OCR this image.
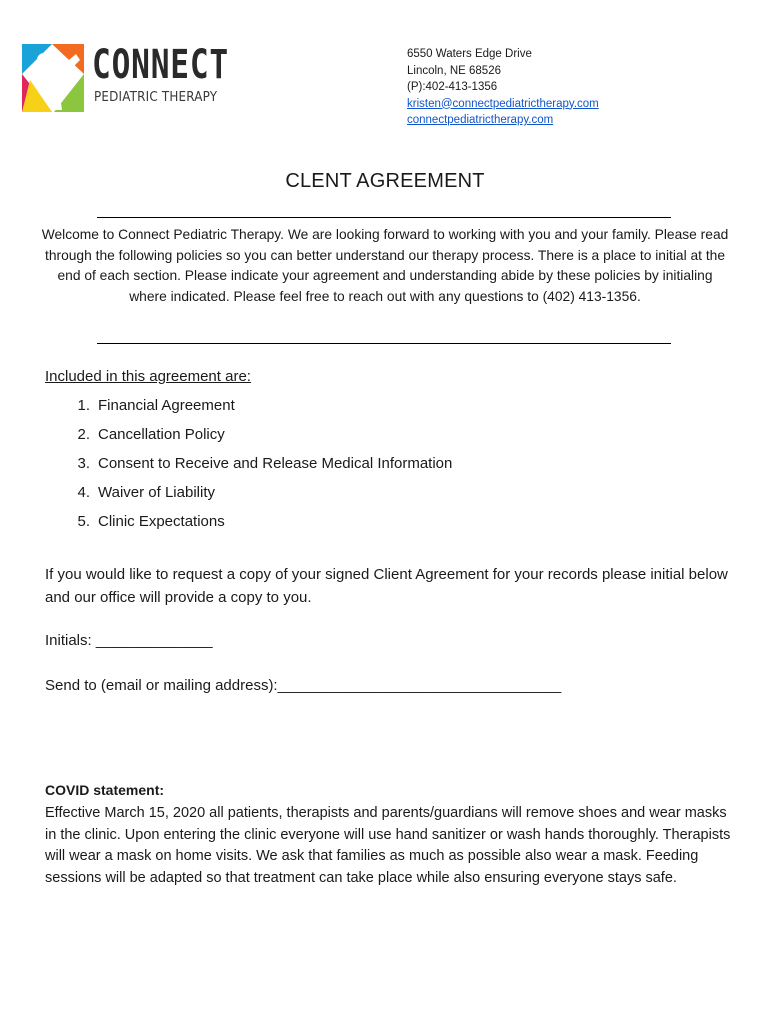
CONNECT
PEDIATRIC THERAPY
6550 Waters Edge Drive
Lincoln, NE 68526
(P):402-413-1356
kristen@connectpediatrictherapy.com
connectpediatrictherapy.com
CLENT AGREEMENT
Welcome to Connect Pediatric Therapy. We are looking forward to working with you and your family. Please read through the following policies so you can better understand our therapy process. There is a place to initial at the end of each section. Please indicate your agreement and understanding abide by these policies by initialing where indicated. Please feel free to reach out with any questions to (402) 413-1356.
Included in this agreement are:
1. Financial Agreement
2. Cancellation Policy
3. Consent to Receive and Release Medical Information
4. Waiver of Liability
5. Clinic Expectations
If you would like to request a copy of your signed Client Agreement for your records please initial below and our office will provide a copy to you.
Initials: ______________
Send to (email or mailing address):__________________________________
COVID statement:
Effective March 15, 2020 all patients, therapists and parents/guardians will remove shoes and wear masks in the clinic. Upon entering the clinic everyone will use hand sanitizer or wash hands thoroughly. Therapists will wear a mask on home visits. We ask that families as much as possible also wear a mask. Feeding sessions will be adapted so that treatment can take place while also ensuring everyone stays safe.
